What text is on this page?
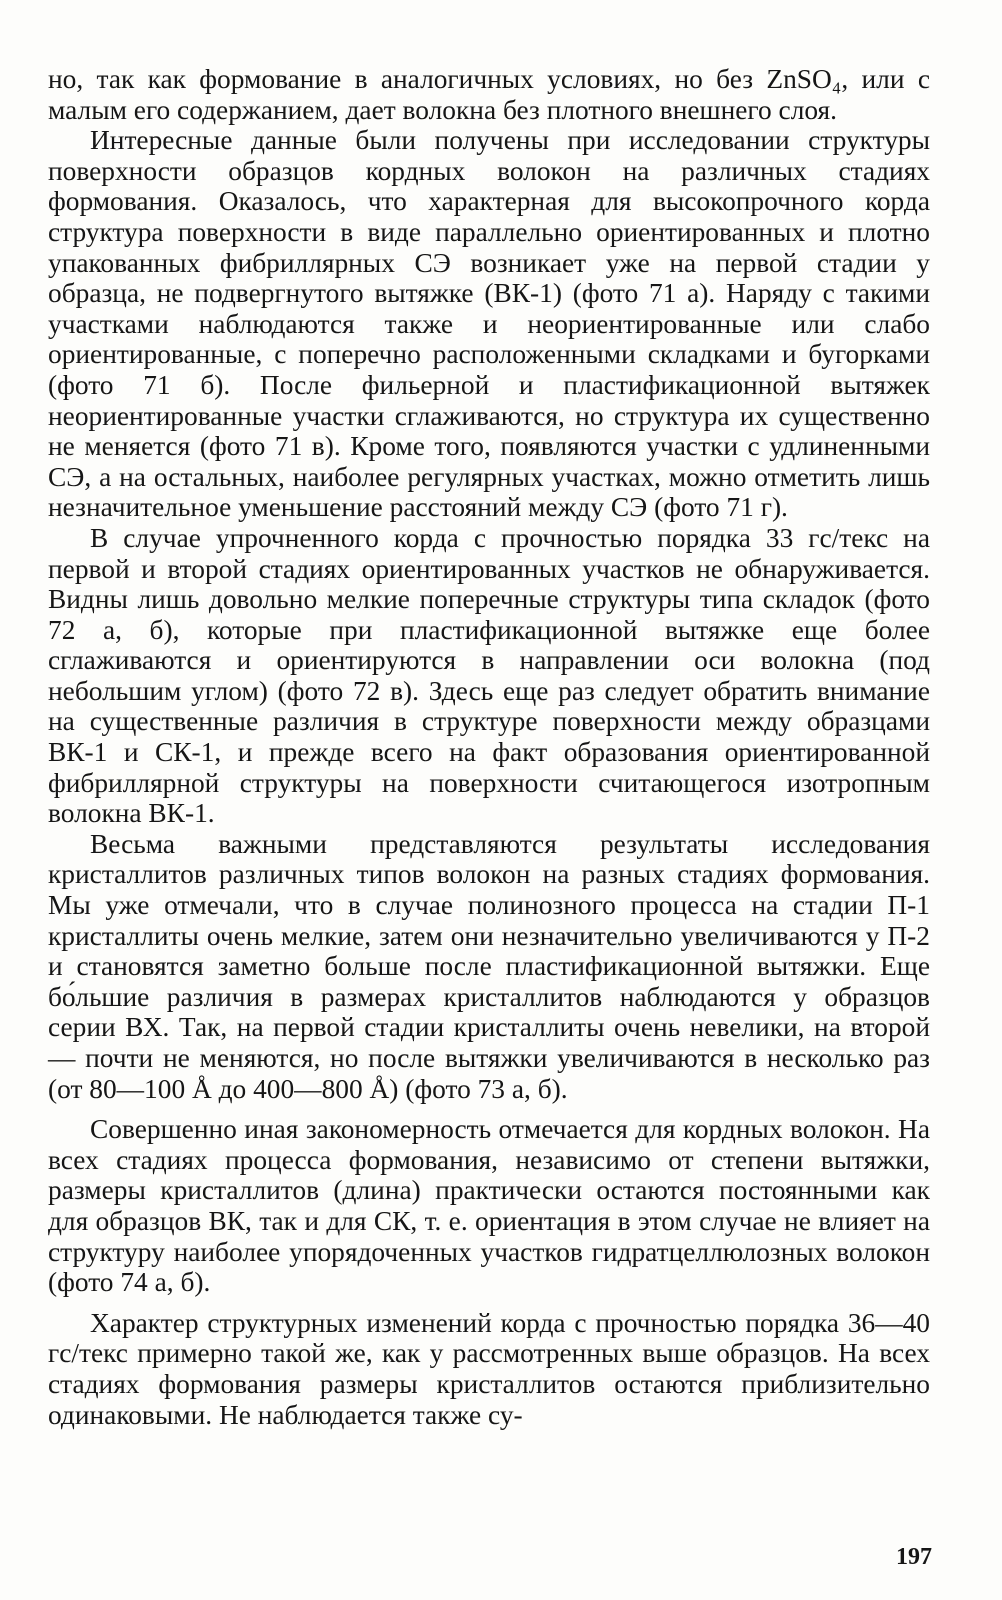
но, так как формование в аналогичных условиях, но без ZnSO₄, или с малым его содержанием, дает волокна без плотного внешнего слоя.

Интересные данные были получены при исследовании структуры поверхности образцов кордных волокон на различных стадиях формования. Оказалось, что характерная для высокопрочного корда структура поверхности в виде параллельно ориентированных и плотно упакованных фибриллярных СЭ возникает уже на первой стадии у образца, не подвергнутого вытяжке (ВК-1) (фото 71 а). Наряду с такими участками наблюдаются также и неориентированные или слабо ориентированные, с поперечно расположенными складками и бугорками (фото 71 б). После фильерной и пластификационной вытяжек неориентированные участки сглаживаются, но структура их существенно не меняется (фото 71 в). Кроме того, появляются участки с удлиненными СЭ, а на остальных, наиболее регулярных участках, можно отметить лишь незначительное уменьшение расстояний между СЭ (фото 71 г).

В случае упрочненного корда с прочностью порядка 33 гс/текс на первой и второй стадиях ориентированных участков не обнаруживается. Видны лишь довольно мелкие поперечные структуры типа складок (фото 72 а, б), которые при пластификационной вытяжке еще более сглаживаются и ориентируются в направлении оси волокна (под небольшим углом) (фото 72 в). Здесь еще раз следует обратить внимание на существенные различия в структуре поверхности между образцами ВК-1 и СК-1, и прежде всего на факт образования ориентированной фибриллярной структуры на поверхности считающегося изотропным волокна ВК-1.

Весьма важными представляются результаты исследования кристаллитов различных типов волокон на разных стадиях формования. Мы уже отмечали, что в случае полинозного процесса на стадии П-1 кристаллиты очень мелкие, затем они незначительно увеличиваются у П-2 и становятся заметно больше после пластификационной вытяжки. Еще бо́льшие различия в размерах кристаллитов наблюдаются у образцов серии ВХ. Так, на первой стадии кристаллиты очень невелики, на второй — почти не меняются, но после вытяжки увеличиваются в несколько раз (от 80—100 Å до 400—800 Å) (фото 73 а, б).

Совершенно иная закономерность отмечается для кордных волокон. На всех стадиях процесса формования, независимо от степени вытяжки, размеры кристаллитов (длина) практически остаются постоянными как для образцов ВК, так и для СК, т. е. ориентация в этом случае не влияет на структуру наиболее упорядоченных участков гидратцеллюлозных волокон (фото 74 а, б).

Характер структурных изменений корда с прочностью порядка 36—40 гс/текс примерно такой же, как у рассмотренных выше образцов. На всех стадиях формования размеры кристаллитов остаются приблизительно одинаковыми. Не наблюдается также су-

197
